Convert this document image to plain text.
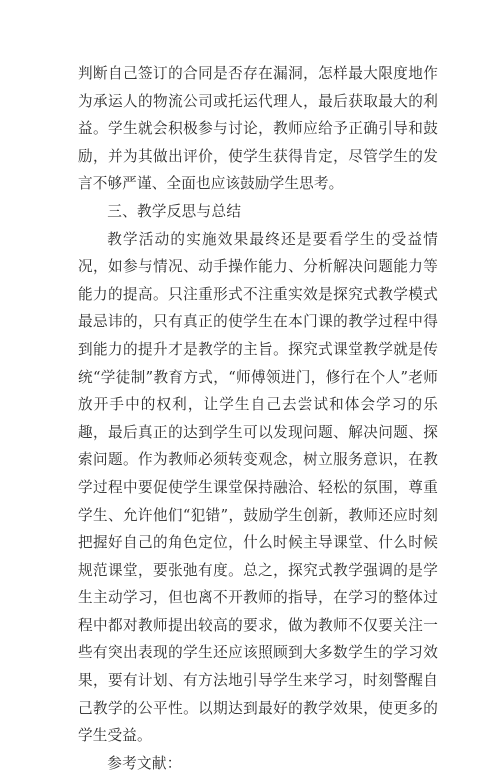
判断自己签订的合同是否存在漏洞，怎样最大限度地作为承运人的物流公司或托运代理人，最后获取最大的利益。学生就会积极参与讨论，教师应给予正确引导和鼓励，并为其做出评价，使学生获得肯定，尽管学生的发言不够严谨、全面也应该鼓励学生思考。

三、教学反思与总结

教学活动的实施效果最终还是要看学生的受益情况，如参与情况、动手操作能力、分析解决问题能力等能力的提高。只注重形式不注重实效是探究式教学模式最忌讳的，只有真正的使学生在本门课的教学过程中得到能力的提升才是教学的主旨。探究式课堂教学就是传统“学徒制”教育方式，“师傅领进门，修行在个人”老师放开手中的权利，让学生自己去尝试和体会学习的乐趣，最后真正的达到学生可以发现问题、解决问题、探索问题。作为教师必须转变观念，树立服务意识，在教学过程中要促使学生课堂保持融洽、轻松的氛围，尊重学生、允许他们“犯错”，鼓励学生创新，教师还应时刻把握好自己的角色定位，什么时候主导课堂、什么时候规范课堂，要张弛有度。总之，探究式教学强调的是学生主动学习，但也离不开教师的指导，在学习的整体过程中都对教师提出较高的要求，做为教师不仅要关注一些有突出表现的学生还应该照顾到大多数学生的学习效果，要有计划、有方法地引导学生来学习，时刻警醒自己教学的公平性。以期达到最好的教学效果，使更多的学生受益。

参考文献：
